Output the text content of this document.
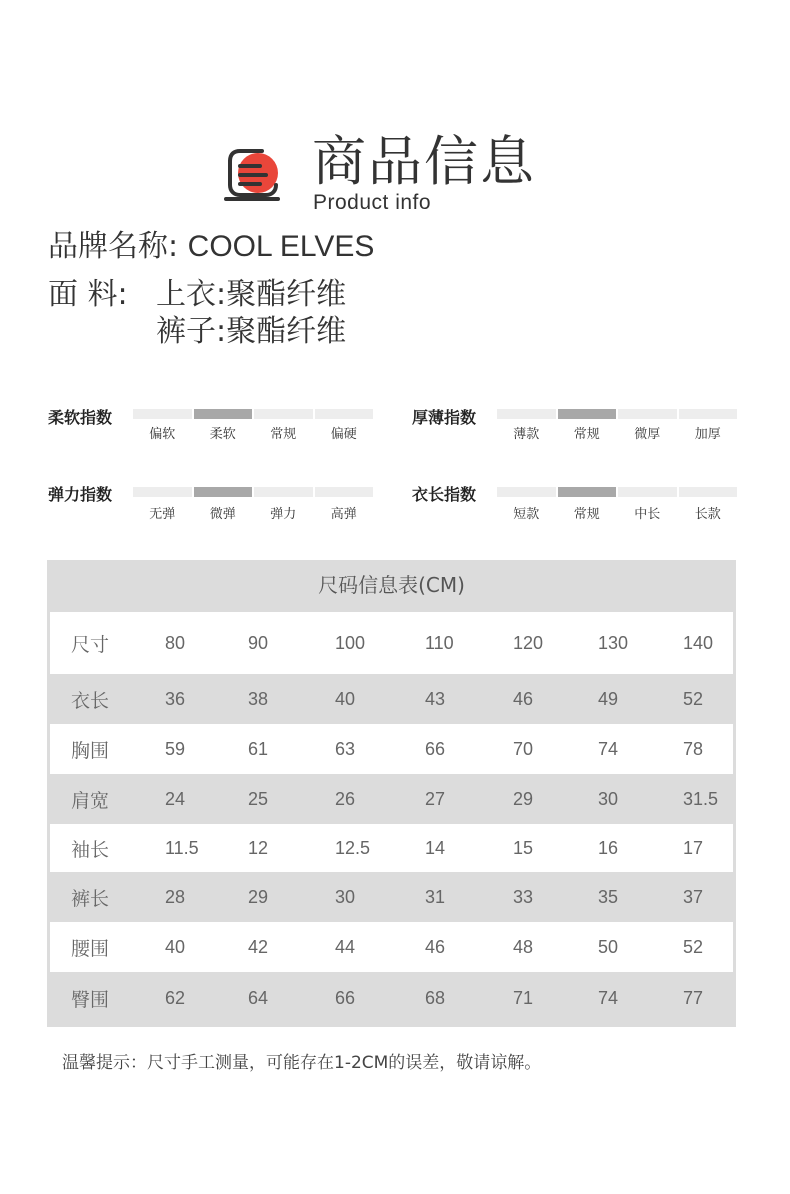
商品信息
Product info
品牌名称: COOL ELVES
面 料: 上衣:聚酯纤维
裤子:聚酯纤维
柔软指数
偏软	柔软	常规	偏硬
厚薄指数
薄款	常规	微厚	加厚
弹力指数
无弹	微弹	弹力	高弹
衣长指数
短款	常规	中长	长款
尺码信息表(CM)
尺寸	80	90	100	110	120	130	140
衣长	36	38	40	43	46	49	52
胸围	59	61	63	66	70	74	78
肩宽	24	25	26	27	29	30	31.5
袖长	11.5	12	12.5	14	15	16	17
裤长	28	29	30	31	33	35	37
腰围	40	42	44	46	48	50	52
臀围	62	64	66	68	71	74	77
温馨提示：尺寸手工测量，可能存在1-2CM的误差，敬请谅解。
